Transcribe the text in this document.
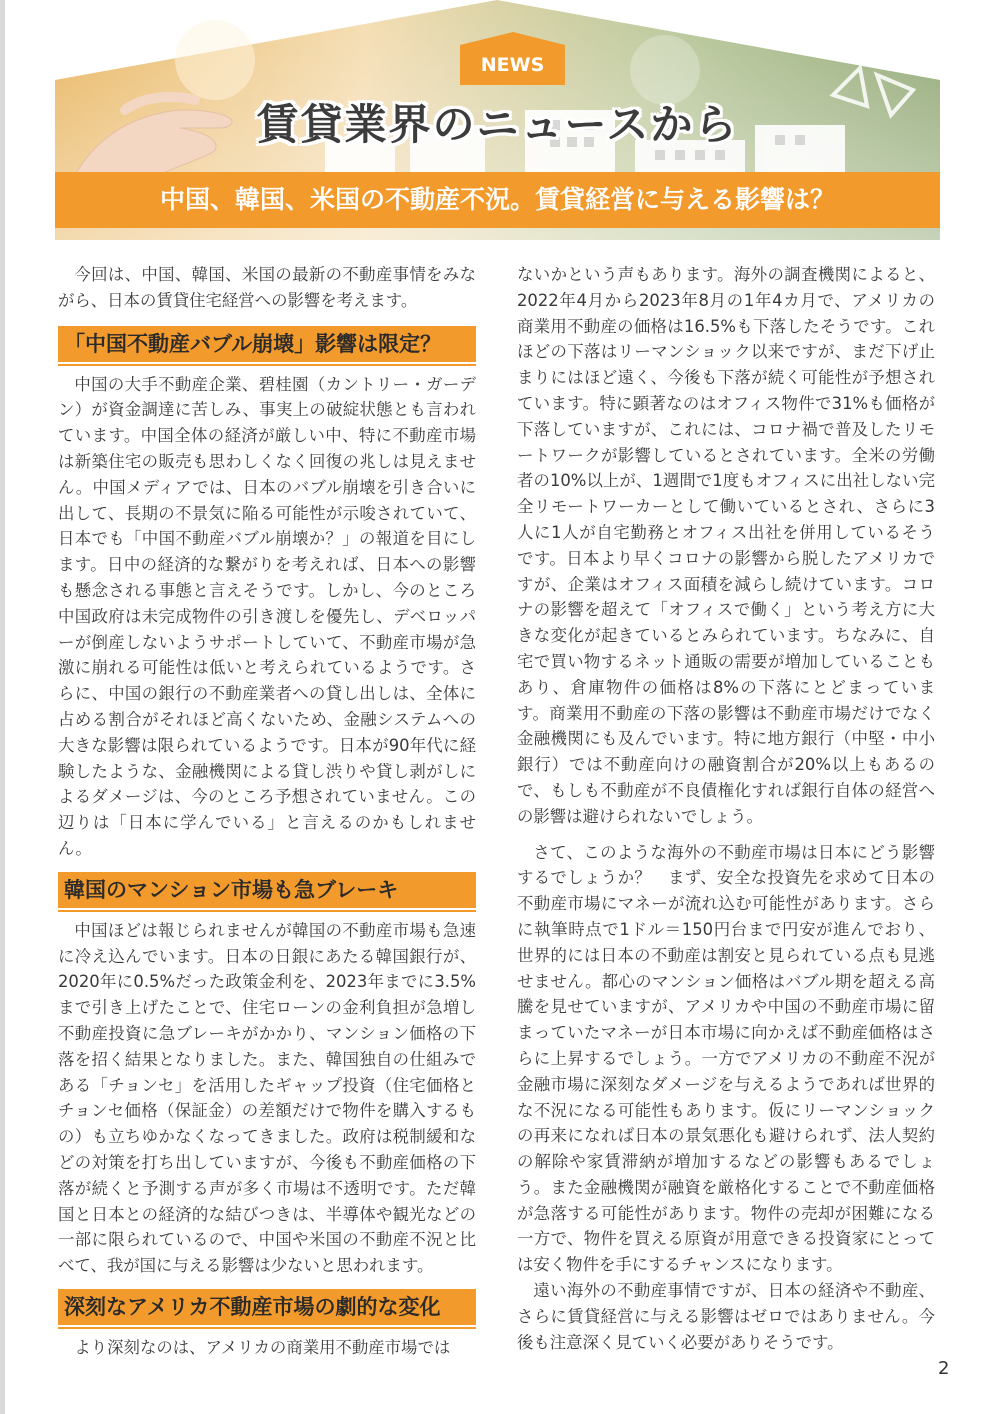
NEWS
賃貸業界のニュースから
中国、韓国、米国の不動産不況。賃貸経営に与える影響は？

今回は、中国、韓国、米国の最新の不動産事情をみながら、日本の賃貸住宅経営への影響を考えます。

「中国不動産バブル崩壊」影響は限定？

中国の大手不動産企業、碧桂園（カントリー・ガーデン）が資金調達に苦しみ、事実上の破綻状態とも言われています。中国全体の経済が厳しい中、特に不動産市場は新築住宅の販売も思わしくなく回復の兆しは見えません。中国メディアでは、日本のバブル崩壊を引き合いに出して、長期の不景気に陥る可能性が示唆されていて、日本でも「中国不動産バブル崩壊か？」の報道を目にします。日中の経済的な繋がりを考えれば、日本への影響も懸念される事態と言えそうです。しかし、今のところ中国政府は未完成物件の引き渡しを優先し、デベロッパーが倒産しないようサポートしていて、不動産市場が急激に崩れる可能性は低いと考えられているようです。さらに、中国の銀行の不動産業者への貸し出しは、全体に占める割合がそれほど高くないため、金融システムへの大きな影響は限られているようです。日本が90年代に経験したような、金融機関による貸し渋りや貸し剥がしによるダメージは、今のところ予想されていません。この辺りは「日本に学んでいる」と言えるのかもしれません。

韓国のマンション市場も急ブレーキ

中国ほどは報じられませんが韓国の不動産市場も急速に冷え込んでいます。日本の日銀にあたる韓国銀行が、2020年に0.5%だった政策金利を、2023年までに3.5%まで引き上げたことで、住宅ローンの金利負担が急増し不動産投資に急ブレーキがかかり、マンション価格の下落を招く結果となりました。また、韓国独自の仕組みである「チョンセ」を活用したギャップ投資（住宅価格とチョンセ価格（保証金）の差額だけで物件を購入するもの）も立ちゆかなくなってきました。政府は税制緩和などの対策を打ち出していますが、今後も不動産価格の下落が続くと予測する声が多く市場は不透明です。ただ韓国と日本との経済的な結びつきは、半導体や観光などの一部に限られているので、中国や米国の不動産不況と比べて、我が国に与える影響は少ないと思われます。

深刻なアメリカ不動産市場の劇的な変化

より深刻なのは、アメリカの商業用不動産市場では

ないかという声もあります。海外の調査機関によると、2022年4月から2023年8月の1年4カ月で、アメリカの商業用不動産の価格は16.5%も下落したそうです。これほどの下落はリーマンショック以来ですが、まだ下げ止まりにはほど遠く、今後も下落が続く可能性が予想されています。特に顕著なのはオフィス物件で31%も価格が下落していますが、これには、コロナ禍で普及したリモートワークが影響しているとされています。全米の労働者の10%以上が、1週間で1度もオフィスに出社しない完全リモートワーカーとして働いているとされ、さらに3人に1人が自宅勤務とオフィス出社を併用しているそうです。日本より早くコロナの影響から脱したアメリカですが、企業はオフィス面積を減らし続けています。コロナの影響を超えて「オフィスで働く」という考え方に大きな変化が起きているとみられています。ちなみに、自宅で買い物するネット通販の需要が増加していることもあり、倉庫物件の価格は8%の下落にとどまっています。商業用不動産の下落の影響は不動産市場だけでなく金融機関にも及んでいます。特に地方銀行（中堅・中小銀行）では不動産向けの融資割合が20%以上もあるので、もしも不動産が不良債権化すれば銀行自体の経営への影響は避けられないでしょう。

さて、このような海外の不動産市場は日本にどう影響するでしょうか？　まず、安全な投資先を求めて日本の不動産市場にマネーが流れ込む可能性があります。さらに執筆時点で1ドル＝150円台まで円安が進んでおり、世界的には日本の不動産は割安と見られている点も見逃せません。都心のマンション価格はバブル期を超える高騰を見せていますが、アメリカや中国の不動産市場に留まっていたマネーが日本市場に向かえば不動産価格はさらに上昇するでしょう。一方でアメリカの不動産不況が金融市場に深刻なダメージを与えるようであれば世界的な不況になる可能性もあります。仮にリーマンショックの再来になれば日本の景気悪化も避けられず、法人契約の解除や家賃滞納が増加するなどの影響もあるでしょう。また金融機関が融資を厳格化することで不動産価格が急落する可能性があります。物件の売却が困難になる一方で、物件を買える原資が用意できる投資家にとっては安く物件を手にするチャンスになります。

遠い海外の不動産事情ですが、日本の経済や不動産、さらに賃貸経営に与える影響はゼロではありません。今後も注意深く見ていく必要がありそうです。

2
